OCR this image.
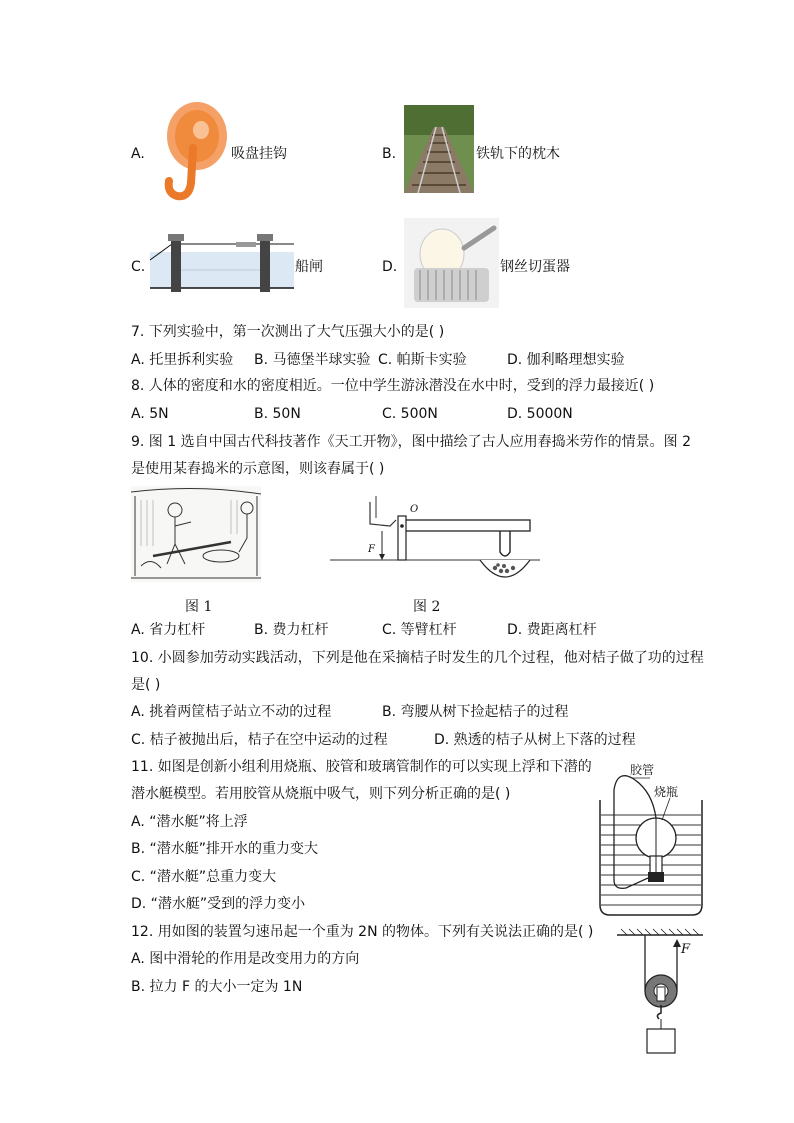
A.	吸盘挂钩	B.	铁轨下的枕木
C.	船闸	D.	钢丝切蛋器
7. 下列实验中，第一次测出了大气压强大小的是( )
A. 托里拆利实验 B. 马德堡半球实验 C. 帕斯卡实验	D. 伽利略理想实验
8. 人体的密度和水的密度相近。一位中学生游泳潜没在水中时，受到的浮力最接近( )
A. 5N	B. 50N	C. 500N	D. 5000N
9. 图 1 选自中国古代科技著作《天工开物》，图中描绘了古人应用舂捣米劳作的情景。图 2
是使用某舂捣米的示意图，则该舂属于( )
F
O
图 1	图 2
A. 省力杠杆	B. 费力杠杆	C. 等臂杠杆	D. 费距离杠杆
10. 小圆参加劳动实践活动，下列是他在采摘桔子时发生的几个过程，他对桔子做了功的过程
是( )
A. 挑着两筐桔子站立不动的过程	B. 弯腰从树下捡起桔子的过程
C. 桔子被抛出后，桔子在空中运动的过程	D. 熟透的桔子从树上下落的过程
11. 如图是创新小组利用烧瓶、胶管和玻璃管制作的可以实现上浮和下潜的
潜水艇模型。若用胶管从烧瓶中吸气，则下列分析正确的是( )
A. “潜水艇”将上浮
B. “潜水艇”排开水的重力变大
C. “潜水艇”总重力变大
D. “潜水艇”受到的浮力变小
胶管
烧瓶
12. 用如图的装置匀速吊起一个重为 2N 的物体。下列有关说法正确的是( )
A. 图中滑轮的作用是改变用力的方向
B. 拉力 F 的大小一定为 1N
F
